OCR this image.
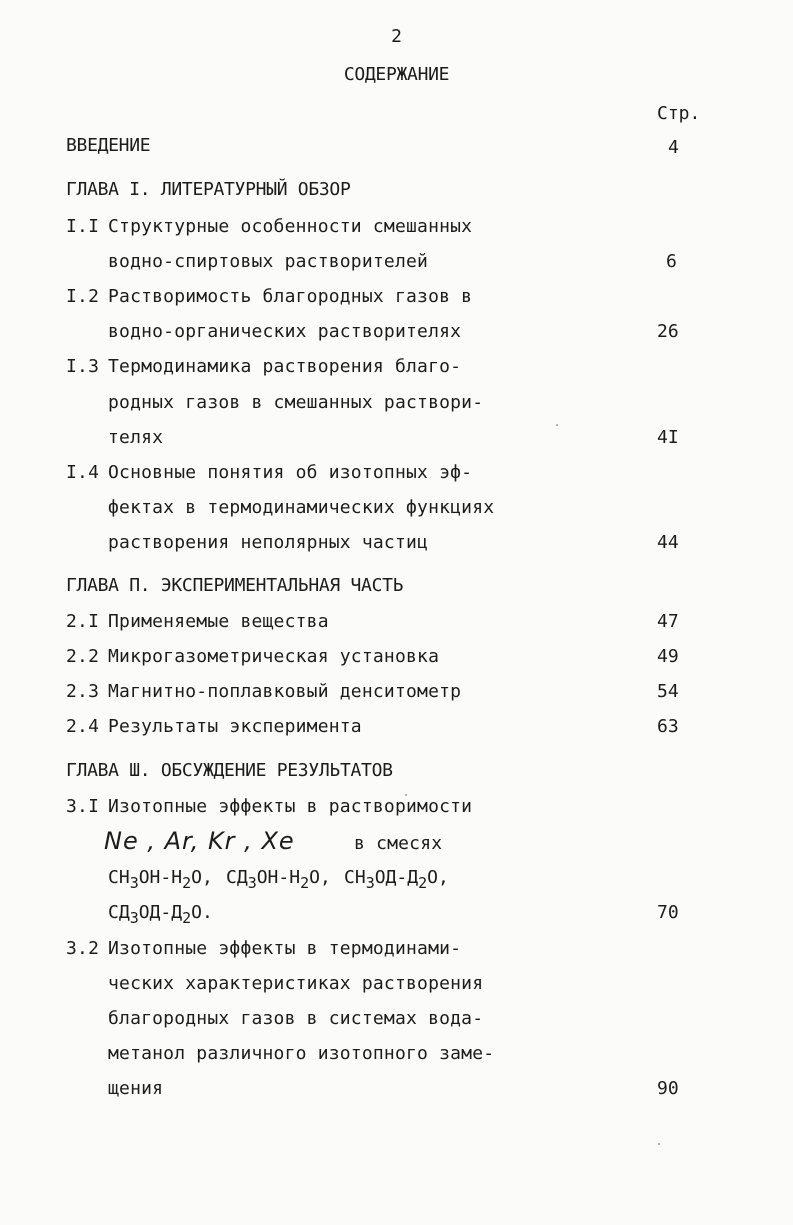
2
СОДЕРЖАНИЕ
Стр.
ВВЕДЕНИЕ	4
ГЛАВА I. ЛИТЕРАТУРНЫЙ ОБЗОР
I.I Структурные особенности смешанных
водно-спиртовых растворителей	6
I.2 Растворимость благородных газов в
водно-органических растворителях	26
I.3 Термодинамика растворения благо-
родных газов в смешанных раствори-
телях	4I
I.4 Основные понятия об изотопных эф-
фектах в термодинамических функциях
растворения неполярных частиц	44
ГЛАВА П. ЭКСПЕРИМЕНТАЛЬНАЯ ЧАСТЬ
2.I Применяемые вещества	47
2.2 Микрогазометрическая установка	49
2.3 Магнитно-поплавковый денситометр	54
2.4 Результаты эксперимента	63
ГЛАВА Ш. ОБСУЖДЕНИЕ РЕЗУЛЬТАТОВ
3.I Изотопные эффекты в растворимости
Ne , Ar, Kr , Xe	в смесях
$CH_3OH-H_2O$, $CД_3OH-H_2O$, $CH_3OД-Д_2O$,
$CД_3OД-Д_2O$.	70
3.2 Изотопные эффекты в термодинами-
ческих характеристиках растворения
благородных газов в системах вода-
метанол различного изотопного заме-
щения	90
